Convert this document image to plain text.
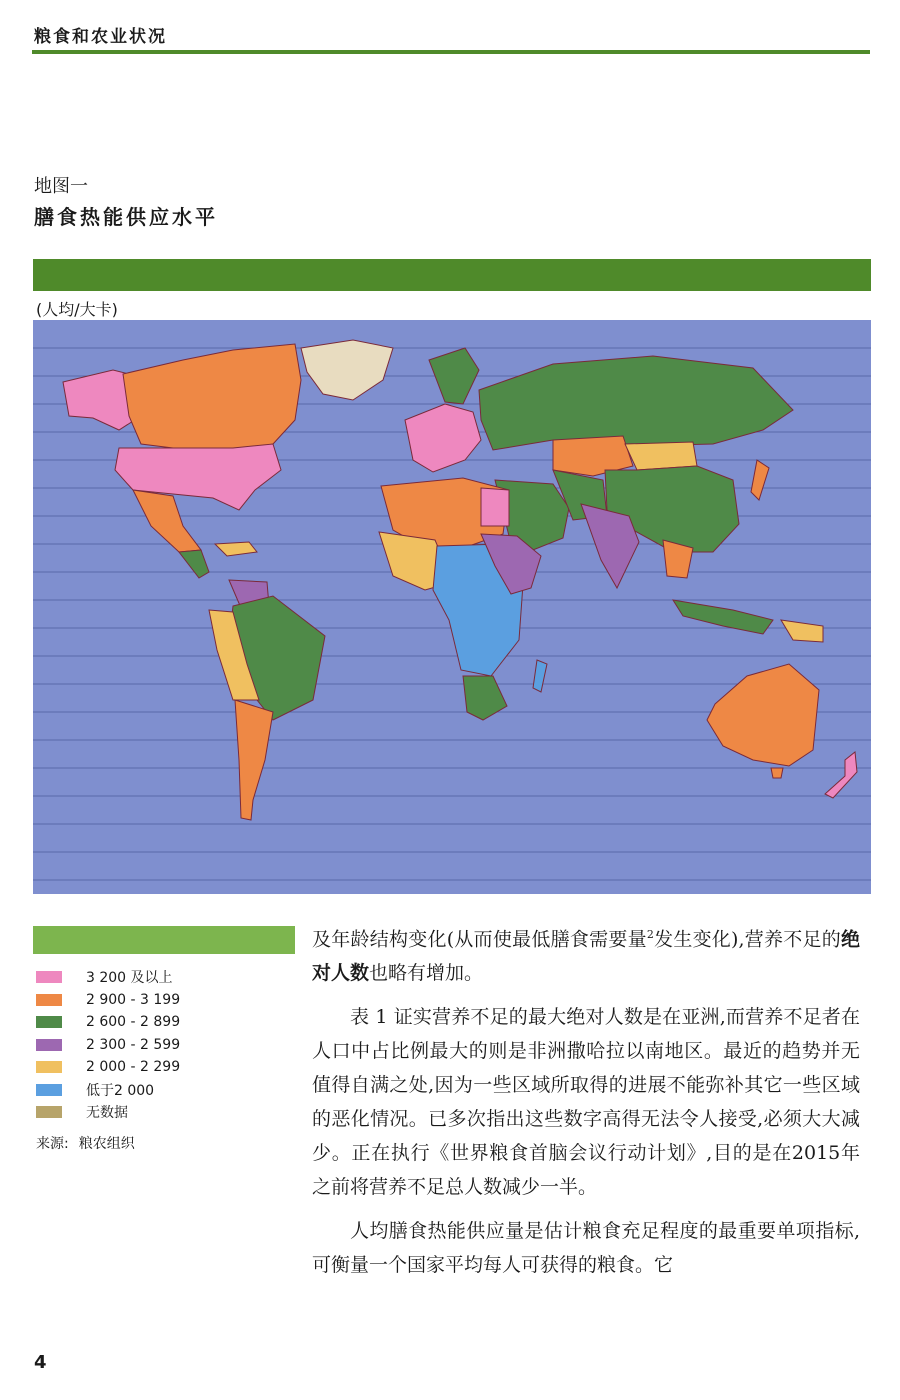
粮食和农业状况
地图一
膳食热能供应水平
(人均/大卡)
3 200 及以上
2 900 - 3 199
2 600 - 2 899
2 300 - 2 599
2 000 - 2 299
低于2 000
无数据
来源: 粮农组织

及年龄结构变化(从而使最低膳食需要量$^2$发生变化),营养不足的绝对人数也略有增加。

表 1 证实营养不足的最大绝对人数是在亚洲,而营养不足者在人口中占比例最大的则是非洲撒哈拉以南地区。最近的趋势并无值得自满之处,因为一些区域所取得的进展不能弥补其它一些区域的恶化情况。已多次指出这些数字高得无法令人接受,必须大大减少。正在执行《世界粮食首脑会议行动计划》,目的是在2015年之前将营养不足总人数减少一半。

人均膳食热能供应量是估计粮食充足程度的最重要单项指标,可衡量一个国家平均每人可获得的粮食。它

4
